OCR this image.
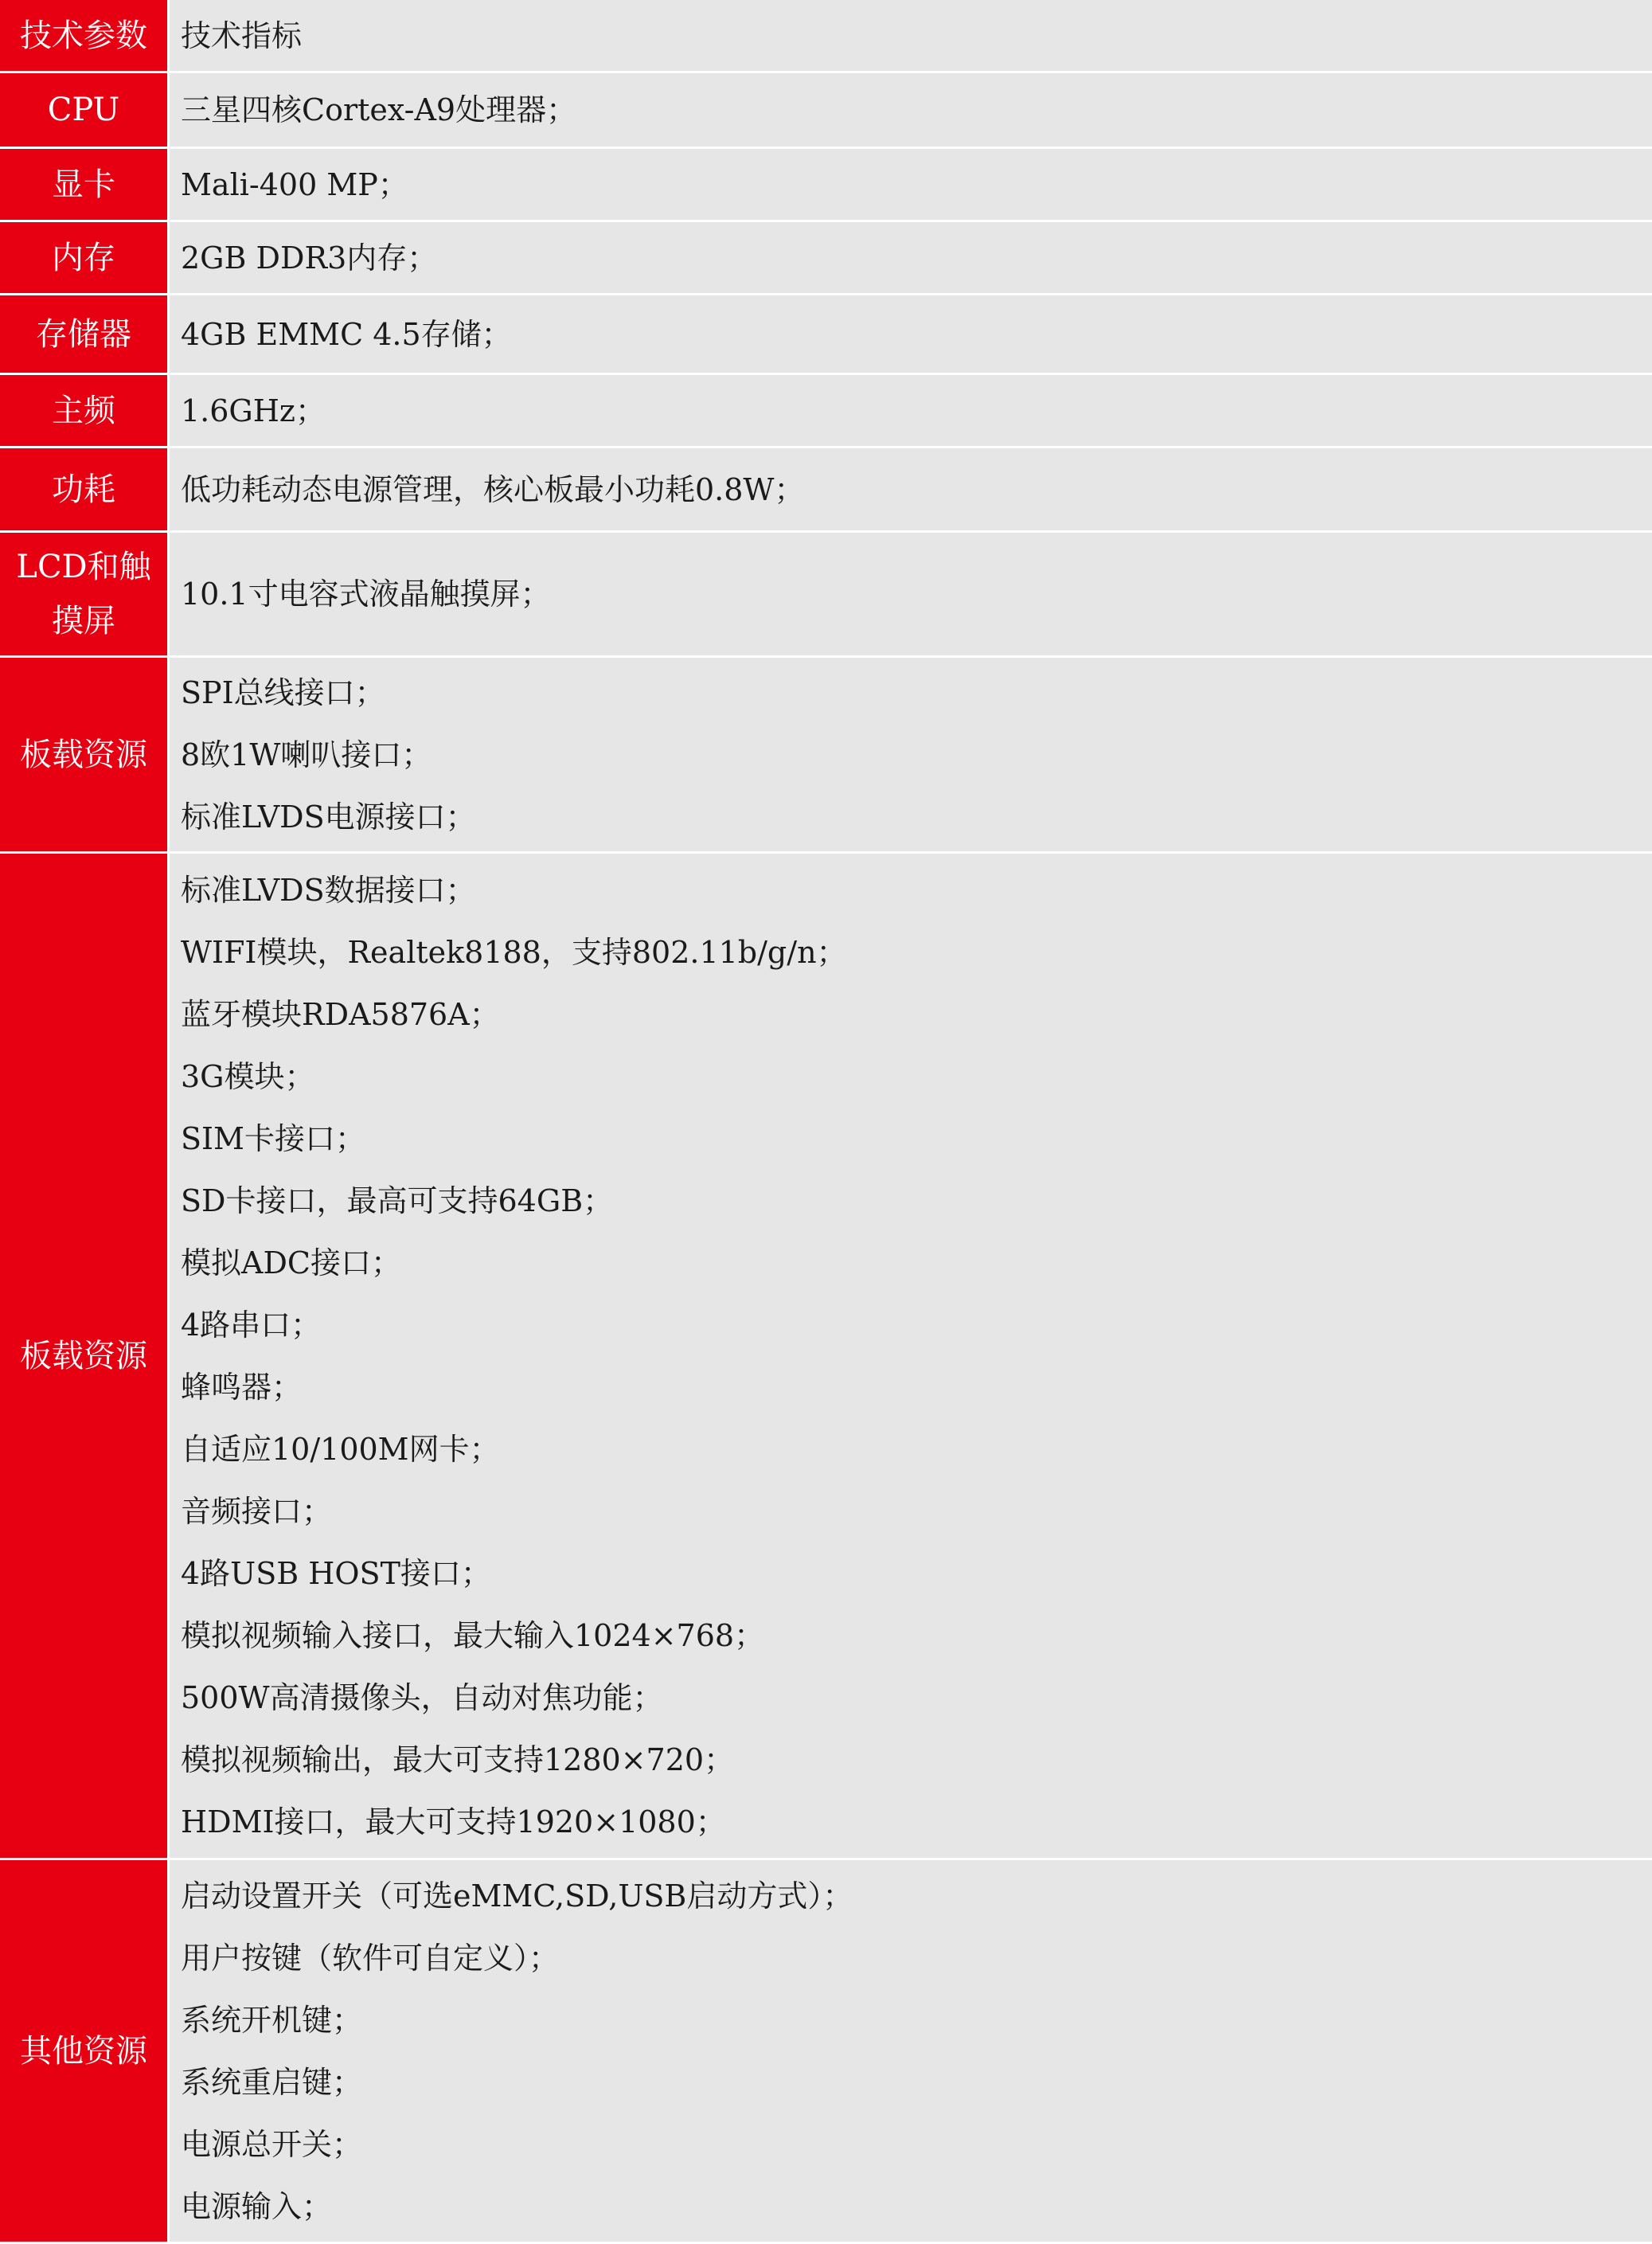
技术参数 技术指标
CPU 三星四核Cortex-A9处理器；
显卡 Mali-400 MP；
内存 2GB DDR3内存；
存储器 4GB EMMC 4.5存储；
主频 1.6GHz；
功耗 低功耗动态电源管理，核心板最小功耗0.8W；
LCD和触摸屏
10.1寸电容式液晶触摸屏；
板载资源
SPI总线接口；
8欧1W喇叭接口；
标准LVDS电源接口；
板载资源
标准LVDS数据接口；
WIFI模块，Realtek8188，支持802.11b/g/n；
蓝牙模块RDA5876A；
3G模块；
SIM卡接口；
SD卡接口，最高可支持64GB；
模拟ADC接口；
4路串口；
蜂鸣器；
自适应10/100M网卡；
音频接口；
4路USB HOST接口；
模拟视频输入接口，最大输入1024×768；
500W高清摄像头，自动对焦功能；
模拟视频输出，最大可支持1280×720；
HDMI接口，最大可支持1920×1080；
其他资源
启动设置开关（可选eMMC,SD,USB启动方式）；
用户按键（软件可自定义）；
系统开机键；
系统重启键；
电源总开关；
电源输入；
